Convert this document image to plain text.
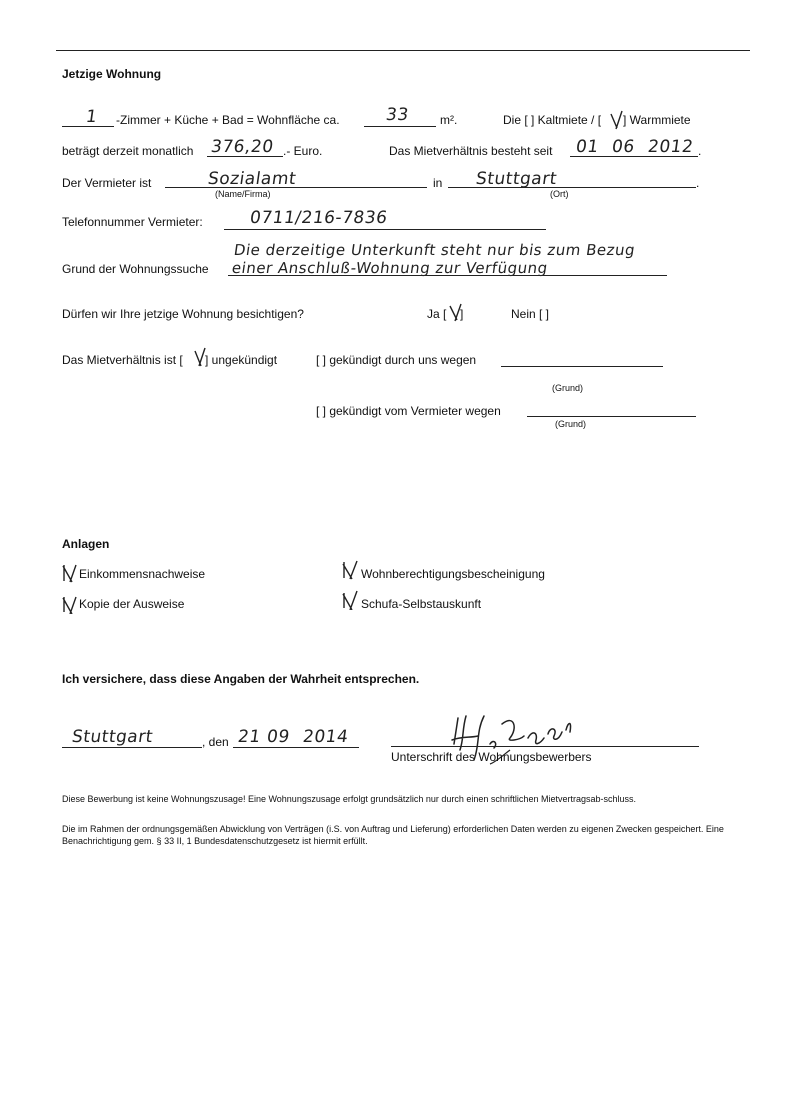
Jetzige Wohnung
1 -Zimmer + Küche + Bad = Wohnfläche ca.	33 m².	Die [ ] Kaltmiete / [ ] Warmmiete
beträgt derzeit monatlich 376,20 .- Euro.	Das Mietverhältnis besteht seit 01 06 2012 .
Der Vermieter ist	Sozialamt
(Name/Firma)
in Stuttgart
(Ort)
.
Telefonnummer Vermieter:	0711/216-7836
Die derzeitige Unterkunft steht nur bis zum Bezug
Grund der Wohnungssuche einer Anschluß-Wohnung zur Verfügung
Dürfen wir Ihre jetzige Wohnung besichtigen?	Ja [ ]	Nein [ ]
Das Mietverhältnis ist [ ] ungekündigt	[ ] gekündigt durch uns wegen
(Grund)
[ ] gekündigt vom Vermieter wegen
(Grund)
Anlagen
Einkommensnachweise	Wohnberechtigungsbescheinigung
Kopie der Ausweise	Schufa-Selbstauskunft
Ich versichere, dass diese Angaben der Wahrheit entsprechen.
Stuttgart	, den 21 09 2014
Unterschrift des Wohnungsbewerbers
Diese Bewerbung ist keine Wohnungszusage! Eine Wohnungszusage erfolgt grundsätzlich nur durch einen schriftlichen Mietvertragsab-schluss.
Die im Rahmen der ordnungsgemäßen Abwicklung von Verträgen (i.S. von Auftrag und Lieferung) erforderlichen Daten werden zu eigenen Zwecken gespeichert. Eine Benachrichtigung gem. § 33 II, 1 Bundesdatenschutzgesetz ist hiermit erfüllt.
